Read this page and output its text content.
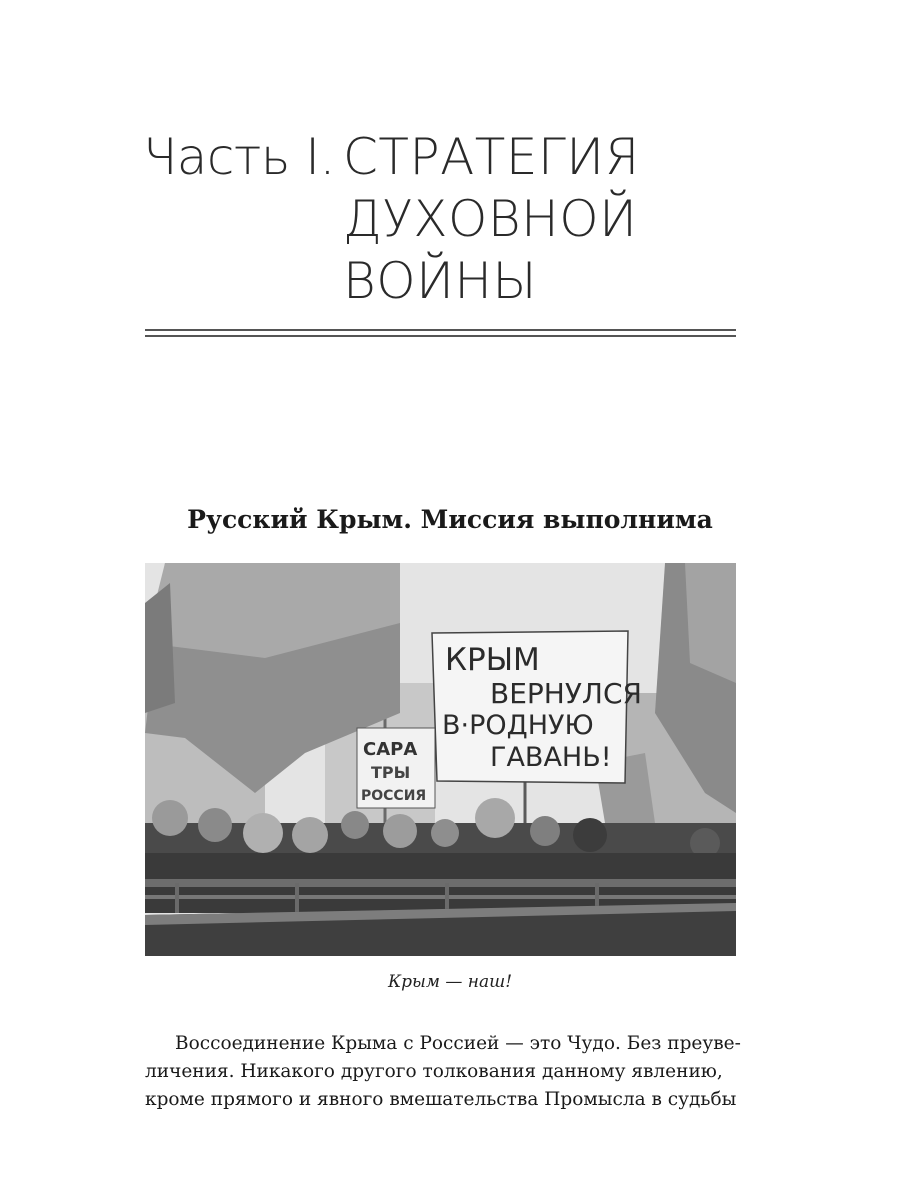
Часть I. СТРАТЕГИЯ
ДУХОВНОЙ
ВОЙНЫ
Русский Крым. Миссия выполнима
САРА
ТРЫ
РОССИЯ
КРЫМ
ВЕРНУЛСЯ
В·РОДНУЮ
ГАВАНЬ!
Крым — наш!
Воссоединение Крыма с Россией — это Чудо. Без преуве-
личения. Никакого другого толкования данному явлению,
кроме прямого и явного вмешательства Промысла в судьбы
